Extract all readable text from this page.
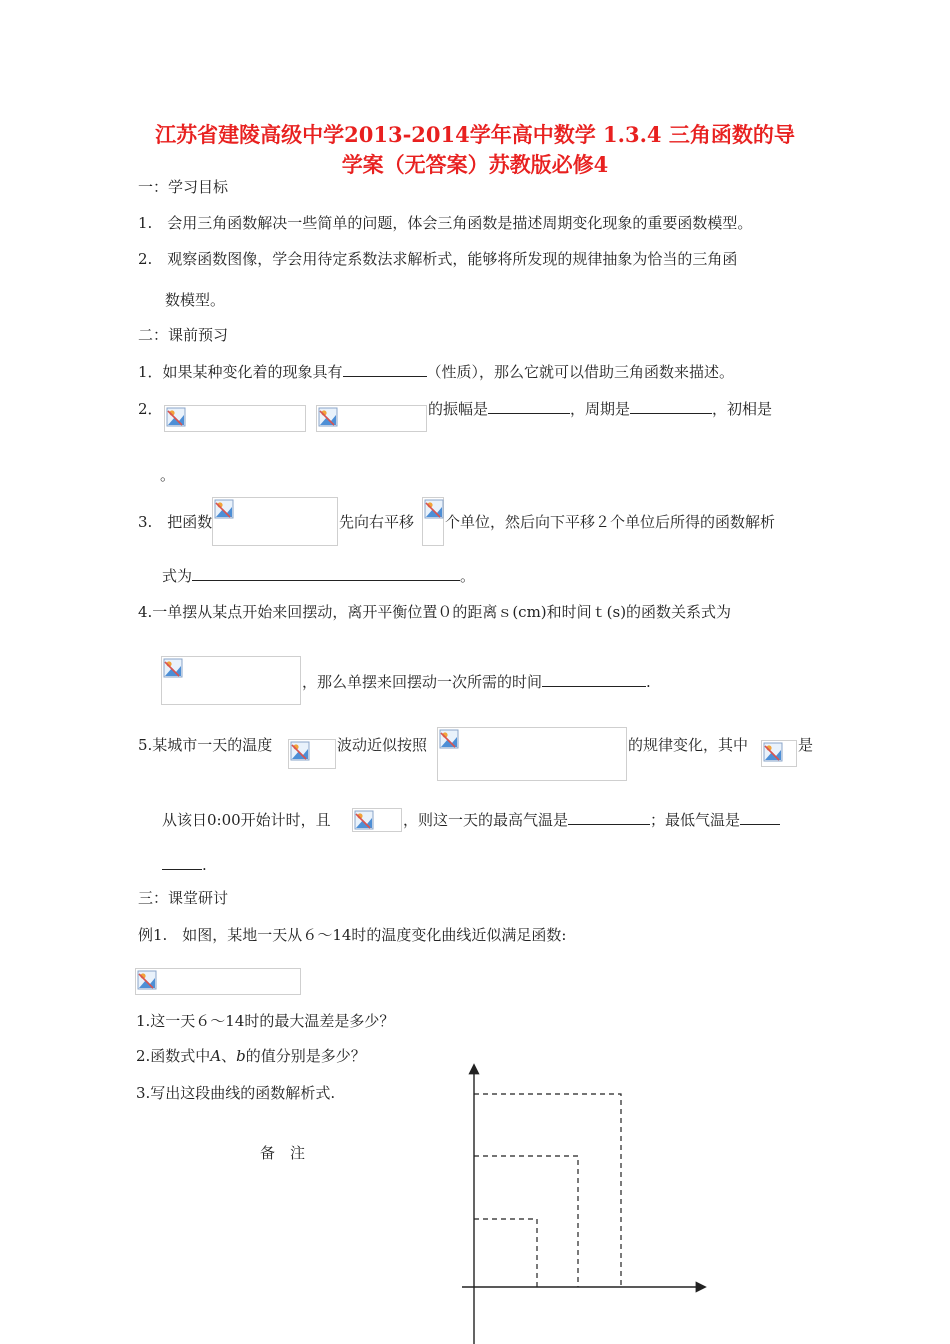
江苏省建陵高级中学2013-2014学年高中数学 1.3.4 三角函数的导
学案（无答案）苏教版必修4
一：学习目标
1.　会用三角函数解决一些简单的问题，体会三角函数是描述周期变化现象的重要函数模型。
2.　观察函数图像，学会用待定系数法求解析式，能够将所发现的规律抽象为恰当的三角函
数模型。
二：课前预习
1．如果某种变化着的现象具有	（性质），那么它就可以借助三角函数来描述。
2．	的振幅是	，周期是	，初相是
。
3.　把函数	先向右平移 个单位，然后向下平移２个单位后所得的函数解析
式为	。
4.一单摆从某点开始来回摆动，离开平衡位置０的距离ｓ(cm)和时间ｔ(s)的函数关系式为
，那么单摆来回摆动一次所需的时间	.
5.某城市一天的温度	波动近似按照	的规律变化，其中	是
从该日0:00开始计时，且	，则这一天的最高气温是	；最低气温是
.
三：课堂研讨
例1.　如图，某地一天从６～14时的温度变化曲线近似满足函数:
1.这一天６～14时的最大温差是多少？
2.函数式中A、b的值分别是多少？
3.写出这段曲线的函数解析式.
备　注
